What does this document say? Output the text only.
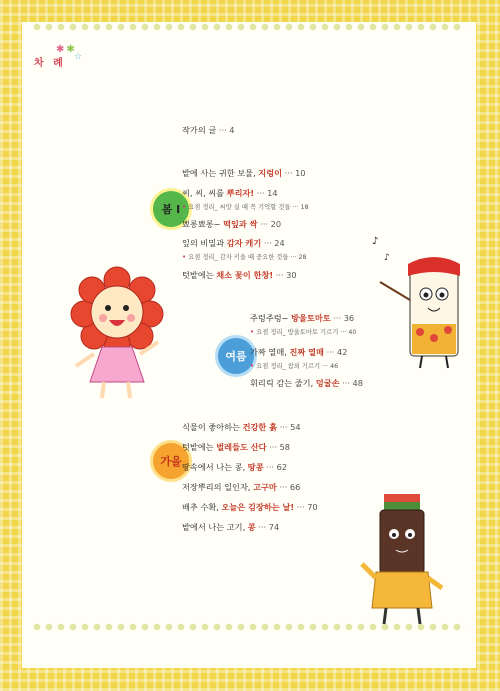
✱ ✱
☆
차 례
작가의 글 ··· 4
봄 I
밭에 사는 귀한 보물, 지렁이 ··· 10
씨, 씨, 씨를 뿌리자! ··· 14
• 요점 정리_ 씨앗 실 때 꼭 기억할 것들 ··· 18
뾰롱뾰롱~ 떡잎과 싹 ··· 20
잎의 비밀과 감자 캐기 ··· 24
• 요점 정리_ 감자 키울 때 중요한 것들 ··· 28
텃밭에는 채소 꽃이 한창! ··· 30
여름
주렁주렁~ 방울토마토 ··· 36
• 요점 정리_ 방울토마토 기르기 ··· 40
가짜 열매, 진짜 열매 ··· 42
• 요점 정리_ 참외 기르기 ··· 46
휘리릭 감는 줄기, 덩굴손 ··· 48
가을
식물이 좋아하는 건강한 흙 ··· 54
텃밭에는 벌레들도 산다 ··· 58
땅속에서 나는 콩, 땅콩 ··· 62
저장뿌리의 일인자, 고구마 ··· 66
배추 수확, 오늘은 김장하는 날! ··· 70
밭에서 나는 고기, 콩 ··· 74
♪
♪
